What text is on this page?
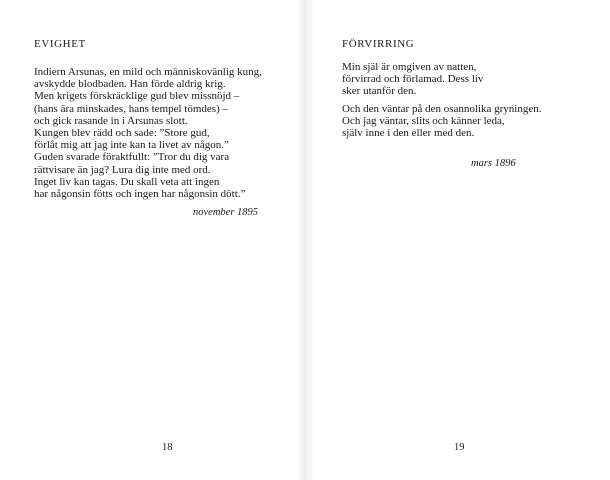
EVIGHET
Indiern Arsunas, en mild och människovänlig kung,
avskydde blodbaden. Han förde aldrig krig.
Men krigets förskräcklige gud blev missnöjd –
(hans ära minskades, hans tempel tömdes) –
och gick rasande in i Arsunas slott.
Kungen blev rädd och sade: ”Store gud,
förlåt mig att jag inte kan ta livet av någon.”
Guden svarade föraktfullt: ”Tror du dig vara
rättvisare än jag? Lura dig inte med ord.
Inget liv kan tagas. Du skall veta att ingen
har någonsin fötts och ingen har någonsin dött.”
november 1895
18
FÖRVIRRING
Min själ är omgiven av natten,
förvirrad och förlamad. Dess liv
sker utanför den.
Och den väntar på den osannolika gryningen.
Och jag väntar, slits och känner leda,
själv inne i den eller med den.
mars 1896
19
